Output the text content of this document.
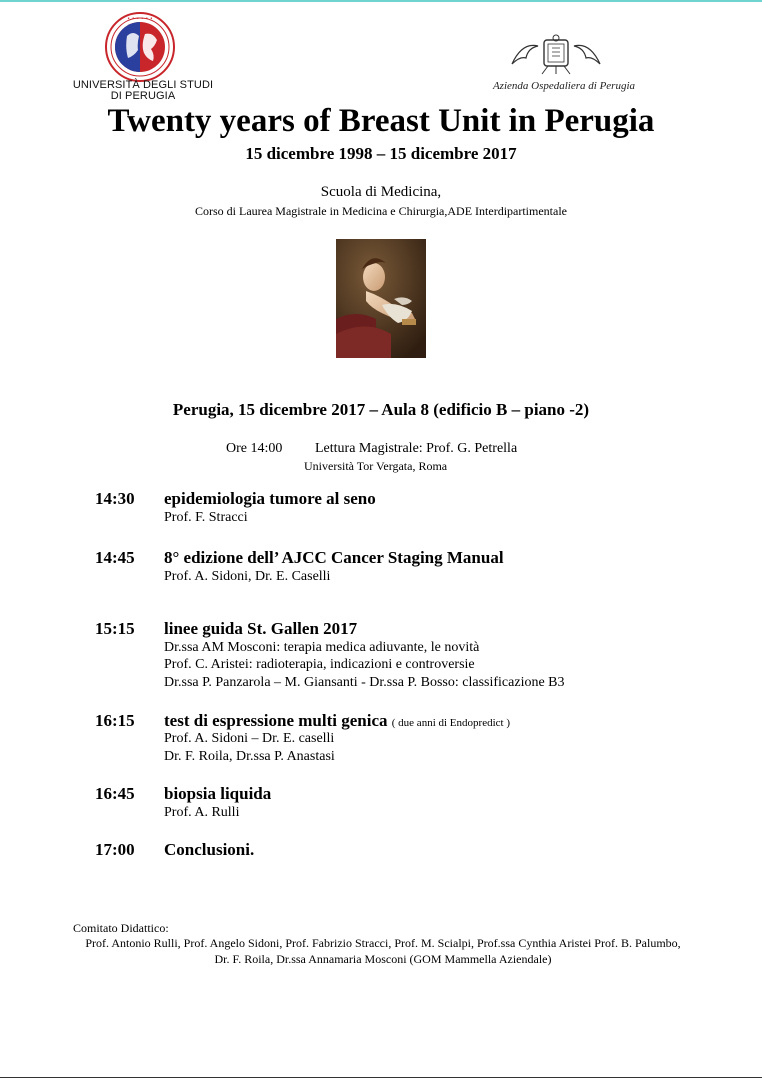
• • • • • •
UNIVERSITÀ DEGLI STUDI
DI PERUGIA
Azienda Ospedaliera di Perugia
Twenty years of Breast Unit in Perugia
15 dicembre 1998 – 15 dicembre 2017
Scuola di Medicina,
Corso di Laurea Magistrale in Medicina e Chirurgia,ADE Interdipartimentale
Perugia, 15 dicembre 2017 – Aula 8 (edificio B – piano -2)
Ore 14:00 Lettura Magistrale: Prof. G. Petrella
Università Tor Vergata, Roma
14:30 epidemiologia tumore al seno
Prof. F. Stracci
14:45 8° edizione dell’ AJCC Cancer Staging Manual
Prof. A. Sidoni, Dr. E. Caselli
15:15 linee guida St. Gallen 2017
Dr.ssa AM Mosconi: terapia medica adiuvante, le novità
Prof. C. Aristei: radioterapia, indicazioni e controversie
Dr.ssa P. Panzarola – M. Giansanti - Dr.ssa P. Bosso: classificazione B3
16:15 test di espressione multi genica ( due anni di Endopredict )
Prof. A. Sidoni – Dr. E. caselli
Dr. F. Roila, Dr.ssa P. Anastasi
16:45 biopsia liquida
Prof. A. Rulli
17:00 Conclusioni.
Comitato Didattico:
Prof. Antonio Rulli, Prof. Angelo Sidoni, Prof. Fabrizio Stracci, Prof. M. Scialpi, Prof.ssa Cynthia Aristei Prof. B. Palumbo, Dr. F. Roila, Dr.ssa Annamaria Mosconi (GOM Mammella Aziendale)
